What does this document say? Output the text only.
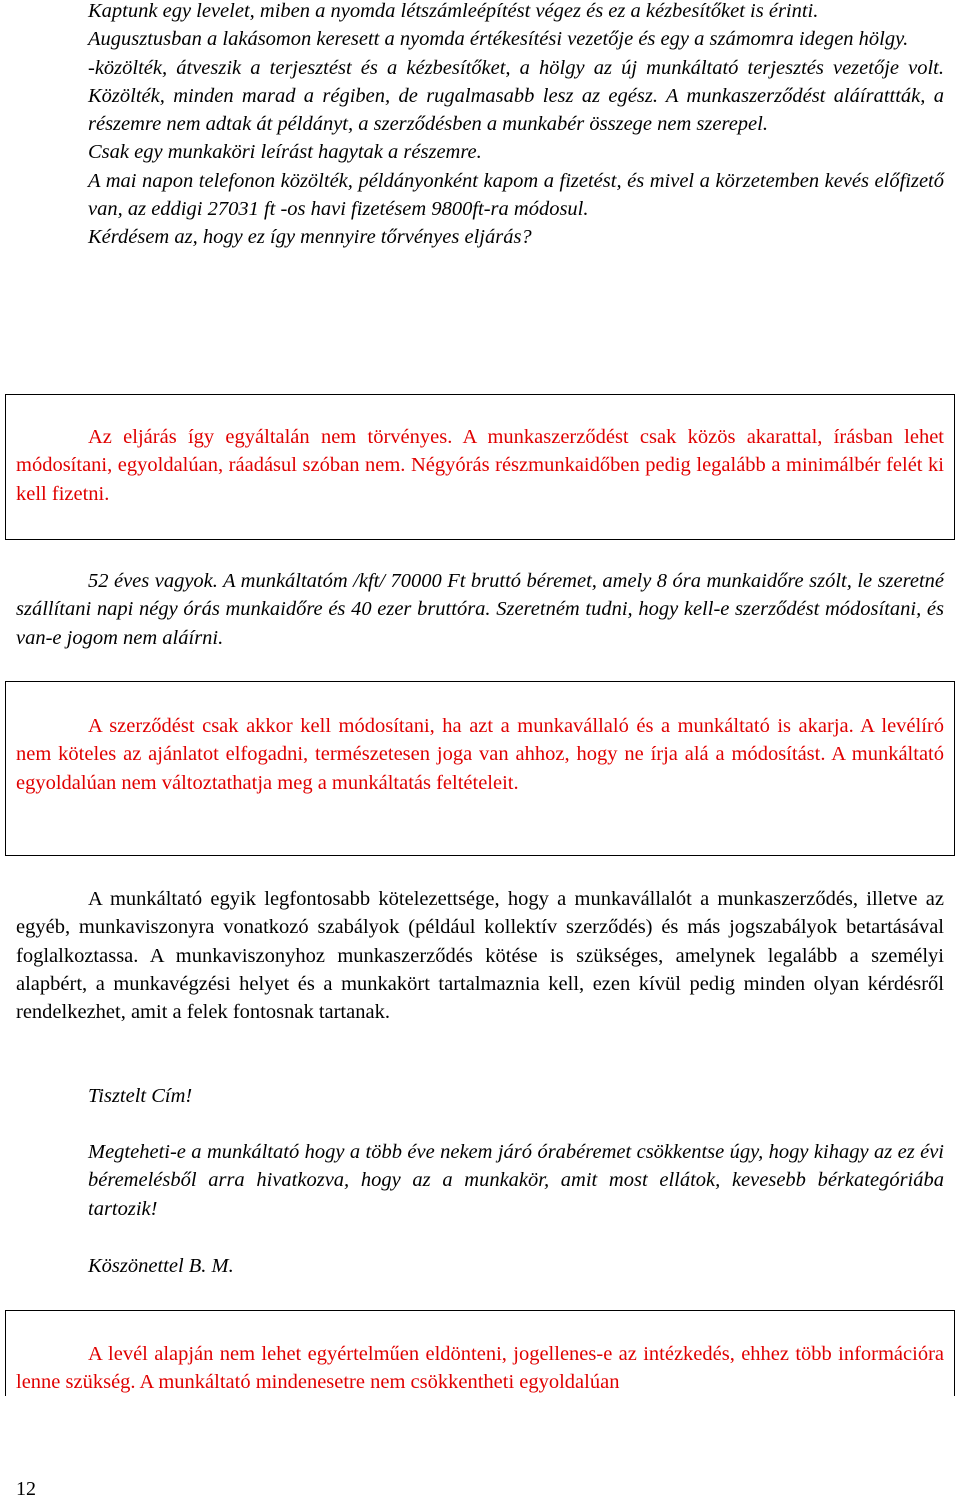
Kaptunk egy levelet, miben a nyomda létszámleépítést végez és ez a kézbesítőket is érinti.
Augusztusban a lakásomon keresett a nyomda értékesítési vezetője és egy a számomra idegen hölgy.
-közölték, átveszik a terjesztést és a kézbesítőket, a hölgy az új munkáltató terjesztés vezetője volt. Közölték, minden marad a régiben, de rugalmasabb lesz az egész. A munkaszerződést aláírattták, a részemre nem adtak át példányt, a szerződésben a munkabér összege nem szerepel.
Csak egy munkaköri leírást hagytak a részemre.
A mai napon telefonon közölték, példányonként kapom a fizetést, és mivel a körzetemben kevés előfizető van, az eddigi 27031 ft -os havi fizetésem 9800ft-ra módosul.
Kérdésem az, hogy ez így mennyire tőrvényes eljárás?

Az eljárás így egyáltalán nem törvényes. A munkaszerződést csak közös akarattal, írásban lehet módosítani, egyoldalúan, ráadásul szóban nem. Négyórás részmunkaidőben pedig legalább a minimálbér felét ki kell fizetni.

52 éves vagyok. A munkáltatóm /kft/ 70000 Ft bruttó béremet, amely 8 óra munkaidőre szólt, le szeretné szállítani napi négy órás munkaidőre és 40 ezer bruttóra. Szeretném tudni, hogy kell-e szerződést módosítani, és van-e jogom nem aláírni.

A szerződést csak akkor kell módosítani, ha azt a munkavállaló és a munkáltató is akarja. A levélíró nem köteles az ajánlatot elfogadni, természetesen joga van ahhoz, hogy ne írja alá a módosítást. A munkáltató egyoldalúan nem változtathatja meg a munkáltatás feltételeit.

A munkáltató egyik legfontosabb kötelezettsége, hogy a munkavállalót a munkaszerződés, illetve az egyéb, munkaviszonyra vonatkozó szabályok (például kollektív szerződés) és más jogszabályok betartásával foglalkoztassa. A munkaviszonyhoz munkaszerződés kötése is szükséges, amelynek legalább a személyi alapbért, a munkavégzési helyet és a munkakört tartalmaznia kell, ezen kívül pedig minden olyan kérdésről rendelkezhet, amit a felek fontosnak tartanak.

Tisztelt Cím!

Megteheti-e a munkáltató hogy a több éve nekem járó órabéremet csökkentse úgy, hogy kihagy az ez évi béremelésből arra hivatkozva, hogy az a munkakör, amit most ellátok, kevesebb bérkategóriába tartozik!

Köszönettel B. M.

A levél alapján nem lehet egyértelműen eldönteni, jogellenes-e az intézkedés, ehhez több információra lenne szükség. A munkáltató mindenesetre nem csökkentheti egyoldalúan

12
